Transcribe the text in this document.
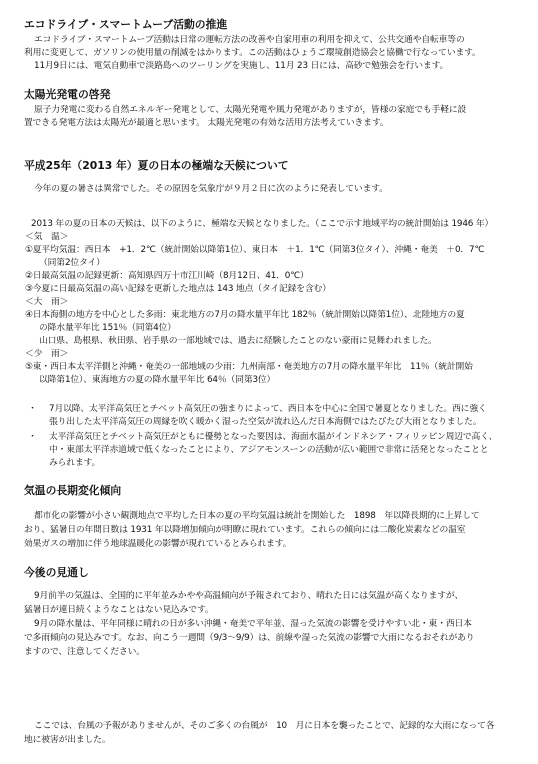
エコドライブ・スマートムーブ活動の推進

エコドライブ・スマートムーブ活動は日常の運転方法の改善や自家用車の利用を抑えて、公共交通や自転車等の

利用に変更して、ガソリンの使用量の削減をはかります。この活動はひょうご環境創造協会と協働で行なっています。

11月9日には、電気自動車で淡路島へのツーリングを実施し、11月 23 日には、高砂で勉強会を行います。

太陽光発電の啓発

原子力発電に変わる自然エネルギー発電として、太陽光発電や風力発電がありますが，皆様の家庭でも手軽に設

置できる発電方法は太陽光が最適と思います。 太陽光発電の有効な活用方法考えていきます。

平成25年（2013 年）夏の日本の極端な天候について

今年の夏の暑さは異常でした。その原因を気象庁が９月２日に次のように発表しています。

2013 年の夏の日本の天候は、以下のように、極端な天候となりました。（ここで示す地域平均の統計開始は 1946 年）

＜気　温＞

①夏平均気温：西日本　+1．2℃（統計開始以降第1位）、東日本　＋1．1℃（同第3位タイ）、沖縄・奄美　＋0．7℃

（同第2位タイ）

②日最高気温の記録更新：高知県四万十市江川崎（8月12日、41．0℃）

③今夏に日最高気温の高い記録を更新した地点は 143 地点（タイ記録を含む）

＜大　雨＞

④日本海側の地方を中心とした多雨：東北地方の7月の降水量平年比 182％（統計開始以降第1位）、北陸地方の夏

の降水量平年比 151％（同第4位）

山口県、島根県、秋田県、岩手県の一部地域では、過去に経験したことのない豪雨に見舞われました。

＜少　雨＞

⑤東・西日本太平洋側と沖縄・奄美の一部地域の少雨：九州南部・奄美地方の7月の降水量平年比　11％（統計開始

以降第1位）、東海地方の夏の降水量平年比 64％（同第3位）

・ 7月以降、太平洋高気圧とチベット高気圧の強まりによって、西日本を中心に全国で暑夏となりました。西に強く

張り出した太平洋高気圧の周縁を吹く暖かく湿った空気が流れ込んだ日本海側ではたびたび大雨となりました。

・ 太平洋高気圧とチベット高気圧がともに優勢となった要因は、海面水温がインドネシア・フィリッピン周辺で高く、

中・東部太平洋赤道域で低くなったことにより、アジアモンスーンの活動が広い範囲で非常に活発となったことと

みられます。

気温の長期変化傾向

都市化の影響が小さい観測地点で平均した日本の夏の平均気温は統計を開始した　1898　年以降長期的に上昇して

おり、猛暑日の年間日数は 1931 年以降増加傾向が明瞭に現れています。これらの傾向には二酸化炭素などの温室

効果ガスの増加に伴う地球温暖化の影響が現れているとみられます。

今後の見通し

9月前半の気温は、全国的に平年並みかやや高温傾向が予報されており、晴れた日には気温が高くなりますが、

猛暑日が連日続くようなことはない見込みです。

9月の降水量は、平年同様に晴れの日が多い沖縄・奄美で平年並、湿った気流の影響を受けやすい北・東・西日本

で多雨傾向の見込みです。なお、向こう一週間（9/3～9/9）は、前線や湿った気流の影響で大雨になるおそれがあり

ますので、注意してください。

ここでは、台風の予報がありませんが、そのご多くの台風が　10　月に日本を襲ったことで、記録的な大雨になって各

地に被害が出ました。
